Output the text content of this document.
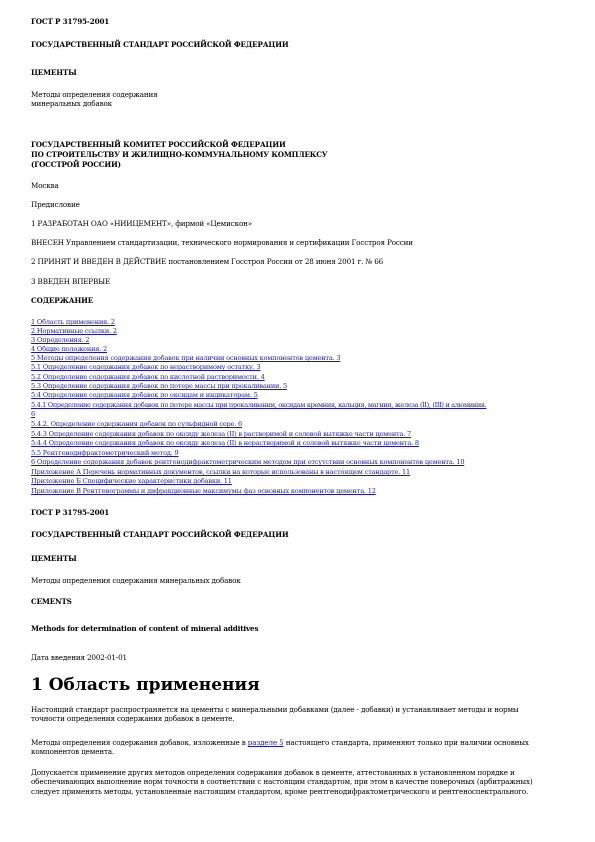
ГОСТ Р 31795-2001
ГОСУДАРСТВЕННЫЙ СТАНДАРТ РОССИЙСКОЙ ФЕДЕРАЦИИ
ЦЕМЕНТЫ
Методы определения содержания
минеральных добавок
ГОСУДАРСТВЕННЫЙ КОМИТЕТ РОССИЙСКОЙ ФЕДЕРАЦИИ
ПО СТРОИТЕЛЬСТВУ И ЖИЛИЩНО-КОММУНАЛЬНОМУ КОМПЛЕКСУ
(ГОССТРОЙ РОССИИ)
Москва
Предисловие
1 РАЗРАБОТАН ОАО «НИИЦЕМЕНТ», фирмой «Цемискон»
ВНЕСЕН Управлением стандартизации, технического нормирования и сертификации Госстроя России
2 ПРИНЯТ И ВВЕДЕН В ДЕЙСТВИЕ постановлением Госстроя России от 28 июня 2001 г. № 66
3 ВВЕДЕН ВПЕРВЫЕ
СОДЕРЖАНИЕ
1 Область применения. 2
2 Нормативные ссылки. 2
3 Определения. 2
4 Общие положения. 2
5 Методы определения содержания добавок при наличии основных компонентов цемента. 3
5.1 Определение содержания добавок по нерастворимому остатку. 3
5.2 Определение содержания добавок по кислотной растворимости. 4
5.3 Определение содержания добавок по потере массы при прокаливании. 5
5.4 Определение содержания добавок по оксидам и индикаторам. 5
5.4.1 Определение содержания добавок по потере массы при прокаливании, оксидам кремния, кальция, магния, железа (II), (III) и алюминия.
6
5.4.2. Определение содержания добавок по сульфидной сере. 6
5.4.3 Определение содержания добавок по оксиду железа (II) в растворимой и солевой вытяжке части цемента. 7
5.4.4 Определение содержания добавок по оксиду железа (II) в нерастворимой и солевой вытяжке части цемента. 8
5.5 Рентгенодифрактометрический метод. 9
6 Определение содержания добавок рентгенодифрактометрическим методом при отсутствии основных компонентов цемента. 10
Приложение А Перечень нормативных документов, ссылки на которые использованы в настоящем стандарте. 11
Приложение Б Специфические характеристики добавки. 11
Приложение В Рентгенограммы и дифракционные максимумы фаз основных компонентов цемента. 12
ГОСТ Р 31795-2001
ГОСУДАРСТВЕННЫЙ СТАНДАРТ РОССИЙСКОЙ ФЕДЕРАЦИИ
ЦЕМЕНТЫ
Методы определения содержания минеральных добавок
CEMENTS
Methods for determination of content of mineral additives
Дата введения 2002-01-01
1 Область применения
Настоящий стандарт распространяется на цементы с минеральными добавками (далее - добавки) и устанавливает методы и нормы
точности определения содержания добавок в цементе.
Методы определения содержания добавок, изложенные в разделе 5 настоящего стандарта, применяют только при наличии основных
компонентов цемента.
Допускается применение других методов определения содержания добавок в цементе, аттестованных в установленном порядке и
обеспечивающих выполнение норм точности в соответствии с настоящим стандартом, при этом в качестве поверочных (арбитражных)
следует применять методы, установленные настоящим стандартом, кроме рентгенодифрактометрического и рентгеноспектрального.
